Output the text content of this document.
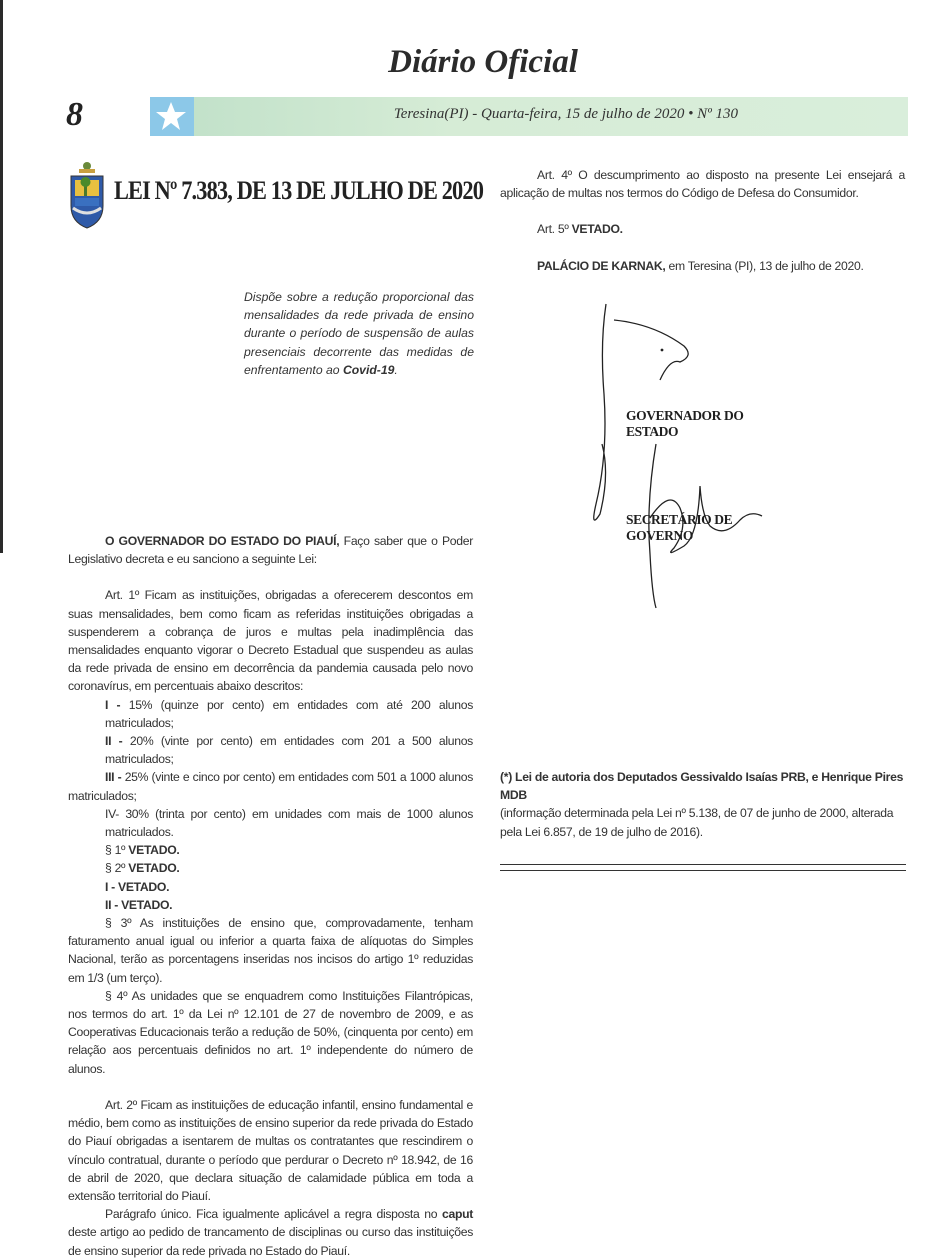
Diário Oficial
8	Teresina(PI) - Quarta-feira, 15 de julho de 2020 • Nº 130
LEI Nº 7.383, DE 13 DE JULHO DE 2020
Dispõe sobre a redução proporcional das mensalidades da rede privada de ensino durante o período de suspensão de aulas presenciais decorrente das medidas de enfrentamento ao Covid-19.

O GOVERNADOR DO ESTADO DO PIAUÍ, Faço saber que o Poder Legislativo decreta e eu sanciono a seguinte Lei:

Art. 1º Ficam as instituições, obrigadas a oferecerem descontos em suas mensalidades, bem como ficam as referidas instituições obrigadas a suspenderem a cobrança de juros e multas pela inadimplência das mensalidades enquanto vigorar o Decreto Estadual que suspendeu as aulas da rede privada de ensino em decorrência da pandemia causada pelo novo coronavírus, em percentuais abaixo descritos:

I - 15% (quinze por cento) em entidades com até 200 alunos matriculados;

II - 20% (vinte por cento) em entidades com 201 a 500 alunos matriculados;

III - 25% (vinte e cinco por cento) em entidades com 501 a 1000 alunos matriculados;

IV- 30% (trinta por cento) em unidades com mais de 1000 alunos matriculados.

§ 1º VETADO.

§ 2º VETADO.

I - VETADO.

II - VETADO.

§ 3º As instituições de ensino que, comprovadamente, tenham faturamento anual igual ou inferior a quarta faixa de alíquotas do Simples Nacional, terão as porcentagens inseridas nos incisos do artigo 1º reduzidas em 1/3 (um terço).

§ 4º As unidades que se enquadrem como Instituições Filantrópicas, nos termos do art. 1º da Lei nº 12.101 de 27 de novembro de 2009, e as Cooperativas Educacionais terão a redução de 50%, (cinquenta por cento) em relação aos percentuais definidos no art. 1º independente do número de alunos.

Art. 2º Ficam as instituições de educação infantil, ensino fundamental e médio, bem como as instituições de ensino superior da rede privada do Estado do Piauí obrigadas a isentarem de multas os contratantes que rescindirem o vínculo contratual, durante o período que perdurar o Decreto nº 18.942, de 16 de abril de 2020, que declara situação de calamidade pública em toda a extensão territorial do Piauí.

Parágrafo único. Fica igualmente aplicável a regra disposta no caput deste artigo ao pedido de trancamento de disciplinas ou curso das instituições de ensino superior da rede privada no Estado do Piauí.

Art. 4º O descumprimento ao disposto na presente Lei ensejará a aplicação de multas nos termos do Código de Defesa do Consumidor.

Art. 5º VETADO.

PALÁCIO DE KARNAK, em Teresina (PI), 13 de julho de 2020.

GOVERNADOR DO ESTADO
SECRETÁRIO DE GOVERNO
(*) Lei de autoria dos Deputados Gessivaldo Isaías PRB, e Henrique Pires MDB
(informação determinada pela Lei nº 5.138, de 07 de junho de 2000, alterada pela Lei 6.857, de 19 de julho de 2016).
